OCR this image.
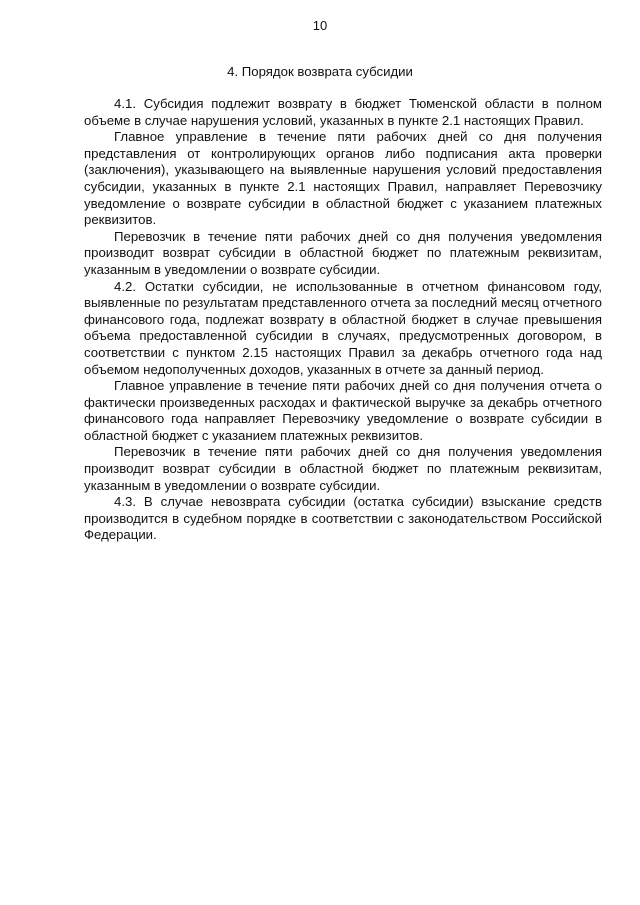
10
4. Порядок возврата субсидии

4.1. Субсидия подлежит возврату в бюджет Тюменской области в полном объеме в случае нарушения условий, указанных в пункте 2.1 настоящих Правил.

Главное управление в течение пяти рабочих дней со дня получения представления от контролирующих органов либо подписания акта проверки (заключения), указывающего на выявленные нарушения условий предоставления субсидии, указанных в пункте 2.1 настоящих Правил, направляет Перевозчику уведомление о возврате субсидии в областной бюджет с указанием платежных реквизитов.

Перевозчик в течение пяти рабочих дней со дня получения уведомления производит возврат субсидии в областной бюджет по платежным реквизитам, указанным в уведомлении о возврате субсидии.

4.2. Остатки субсидии, не использованные в отчетном финансовом году, выявленные по результатам представленного отчета за последний месяц отчетного финансового года, подлежат возврату в областной бюджет в случае превышения объема предоставленной субсидии в случаях, предусмотренных договором, в соответствии с пунктом 2.15 настоящих Правил за декабрь отчетного года над объемом недополученных доходов, указанных в отчете за данный период.

Главное управление в течение пяти рабочих дней со дня получения отчета о фактически произведенных расходах и фактической выручке за декабрь отчетного финансового года направляет Перевозчику уведомление о возврате субсидии в областной бюджет с указанием платежных реквизитов.

Перевозчик в течение пяти рабочих дней со дня получения уведомления производит возврат субсидии в областной бюджет по платежным реквизитам, указанным в уведомлении о возврате субсидии.

4.3. В случае невозврата субсидии (остатка субсидии) взыскание средств производится в судебном порядке в соответствии с законодательством Российской Федерации.
